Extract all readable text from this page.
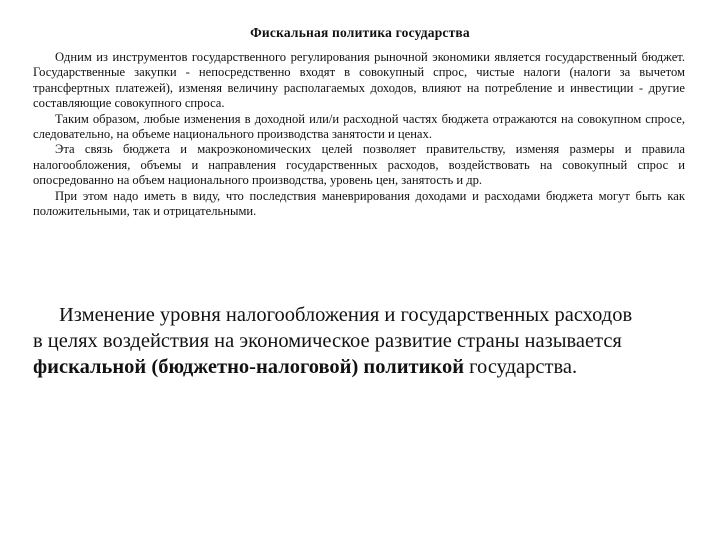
Фискальная политика государства

Одним из инструментов государственного регулирования рыночной экономики является государственный бюджет. Государственные закупки - непосредственно входят в совокупный спрос, чистые налоги (налоги за вычетом трансфертных платежей), изменяя величину располагаемых доходов, влияют на потребление и инвестиции - другие составляющие совокупного спроса.

Таким образом, любые изменения в доходной или/и расходной частях бюджета отражаются на совокупном спросе, следовательно, на объеме национального производства занятости и ценах.

Эта связь бюджета и макроэкономических целей позволяет правительству, изменяя размеры и правила налогообложения, объемы и направления государственных расходов, воздействовать на совокупный спрос и опосредованно на объем национального производства, уровень цен, занятость и др.

При этом надо иметь в виду, что последствия маневрирования доходами и расходами бюджета могут быть как положительными, так и отрицательными.

Изменение уровня налогообложения и государственных расходов в целях воздействия на экономическое развитие страны называется фискальной (бюджетно-налоговой) политикой государства.
